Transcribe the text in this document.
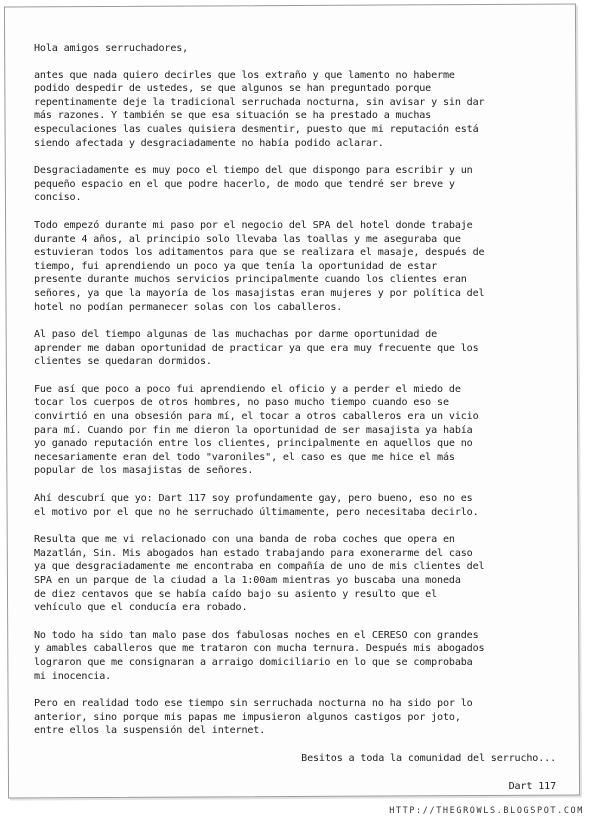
Hola amigos serruchadores,

antes que nada quiero decirles que los extraño y que lamento no haberme
podido despedir de ustedes, se que algunos se han preguntado porque
repentinamente deje la tradicional serruchada nocturna, sin avisar y sin dar
más razones. Y también se que esa situación se ha prestado a muchas
especulaciones las cuales quisiera desmentir, puesto que mi reputación está
siendo afectada y desgraciadamente no había podido aclarar.

Desgraciadamente es muy poco el tiempo del que dispongo para escribir y un
pequeño espacio en el que podre hacerlo, de modo que tendré ser breve y
conciso.

Todo empezó durante mi paso por el negocio del SPA del hotel donde trabaje
durante 4 años, al principio solo llevaba las toallas y me aseguraba que
estuvieran todos los aditamentos para que se realizara el masaje, después de
tiempo, fui aprendiendo un poco ya que tenía la oportunidad de estar
presente durante muchos servicios principalmente cuando los clientes eran
señores, ya que la mayoría de los masajistas eran mujeres y por política del
hotel no podían permanecer solas con los caballeros.

Al paso del tiempo algunas de las muchachas por darme oportunidad de
aprender me daban oportunidad de practicar ya que era muy frecuente que los
clientes se quedaran dormidos.

Fue así que poco a poco fui aprendiendo el oficio y a perder el miedo de
tocar los cuerpos de otros hombres, no paso mucho tiempo cuando eso se
convirtió en una obsesión para mí, el tocar a otros caballeros era un vicio
para mí. Cuando por fin me dieron la oportunidad de ser masajista ya había
yo ganado reputación entre los clientes, principalmente en aquellos que no
necesariamente eran del todo "varoniles", el caso es que me hice el más
popular de los masajistas de señores.

Ahí descubrí que yo: Dart 117 soy profundamente gay, pero bueno, eso no es
el motivo por el que no he serruchado últimamente, pero necesitaba decirlo.

Resulta que me vi relacionado con una banda de roba coches que opera en
Mazatlán, Sin. Mis abogados han estado trabajando para exonerarme del caso
ya que desgraciadamente me encontraba en compañía de uno de mis clientes del
SPA en un parque de la ciudad a la 1:00am mientras yo buscaba una moneda
de diez centavos que se había caído bajo su asiento y resulto que el
vehículo que el conducía era robado.

No todo ha sido tan malo pase dos fabulosas noches en el CERESO con grandes
y amables caballeros que me trataron con mucha ternura. Después mis abogados
lograron que me consignaran a arraigo domiciliario en lo que se comprobaba
mi inocencia.

Pero en realidad todo ese tiempo sin serruchada nocturna no ha sido por lo
anterior, sino porque mis papas me impusieron algunos castigos por joto,
entre ellos la suspensión del internet.

Besitos a toda la comunidad del serrucho...

Dart 117

HTTP://THEGROWLS.BLOGSPOT.COM
